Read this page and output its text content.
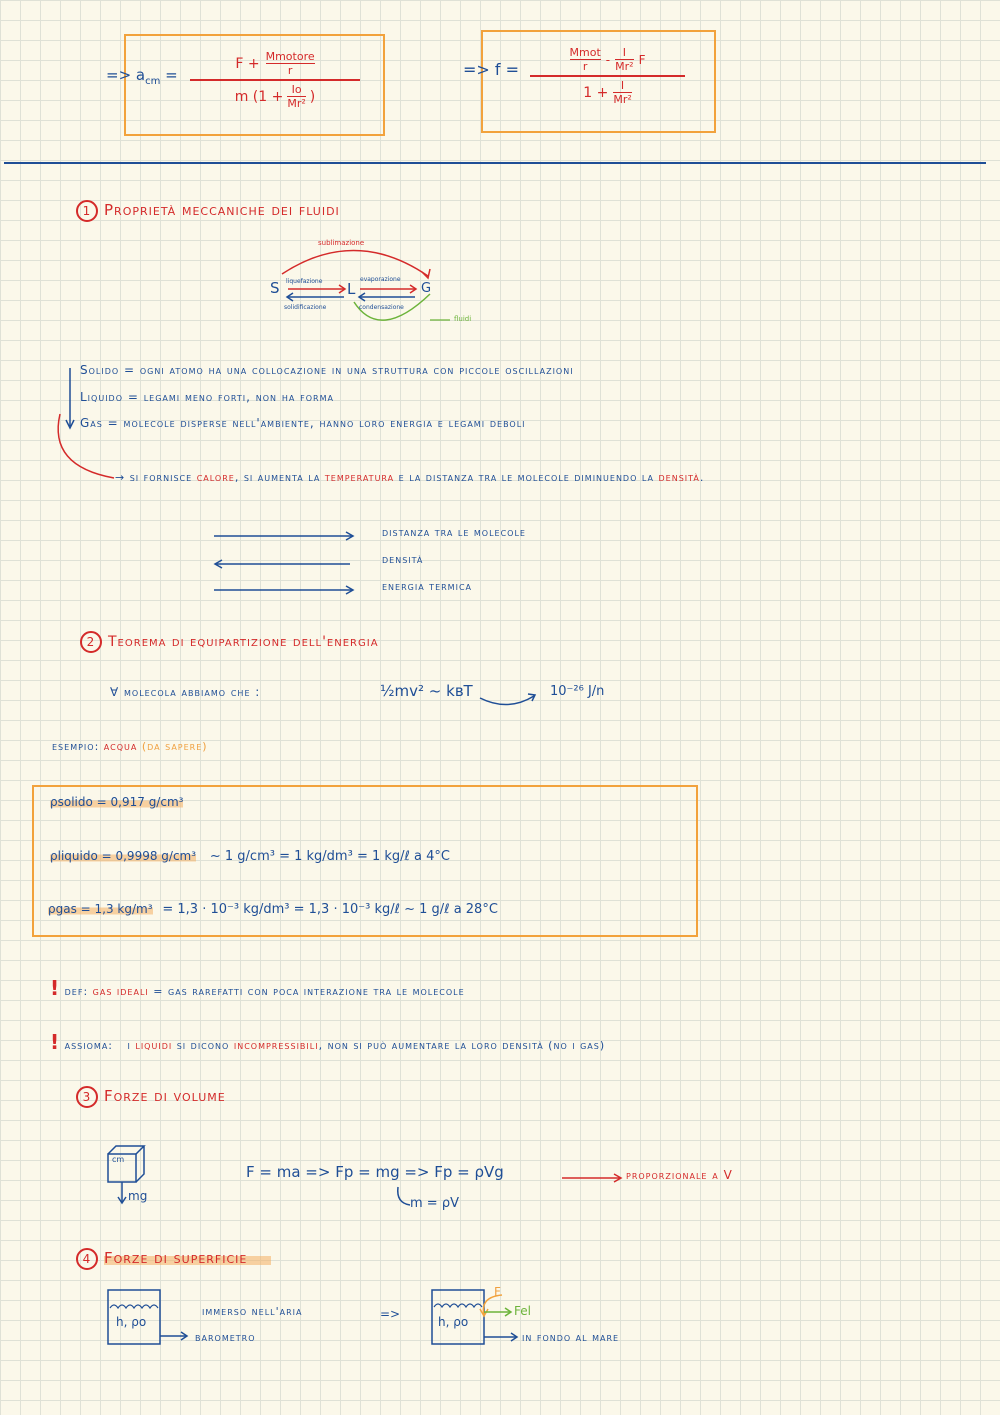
=> $a_{cm}$ =
F + Mmotore
r
m (1 + Io
Mr² )
=> f =
Mmot
r - I
Mr² F
1 + I
Mr²
1 Proprietà meccaniche dei fluidi
sublimazione
S	L	G
liquefazione	evaporazione
solidificazione	condensazione
fluidi
Solido = ogni atomo ha una collocazione in una struttura con piccole oscillazioni
Liquido = legami meno forti, non ha forma
Gas = molecole disperse nell'ambiente, hanno loro energia e legami deboli
→ si fornisce calore, si aumenta la temperatura e la distanza tra le molecole diminuendo la densità.
distanza tra le molecole
densità
energia termica
2 Teorema di equipartizione dell'energia
∀ molecola abbiamo che :	½mv² ~ kʙT	10⁻²⁶ J/n
esempio: acqua (da sapere)
ρsolido = 0,917 g/cm³
ρliquido = 0,9998 g/cm³ ~ 1 g/cm³ = 1 kg/dm³ = 1 kg/ℓ a 4°C
ρgas = 1,3 kg/m³ = 1,3 · 10⁻³ kg/dm³ = 1,3 · 10⁻³ kg/ℓ ~ 1 g/ℓ a 28°C
! def: gas ideali = gas rarefatti con poca interazione tra le molecole
! assioma: i liquidi si dicono incompressibili, non si può aumentare la loro densità (no i gas)
3 Forze di volume
cm
mg
F = ma => Fp = mg => Fp = ρVg
m = ρV
proporzionale a V
4 Forze di superficie
h, ρo
immerso nell'aria
barometro
=>
h, ρo
F
Fel
in fondo al mare
